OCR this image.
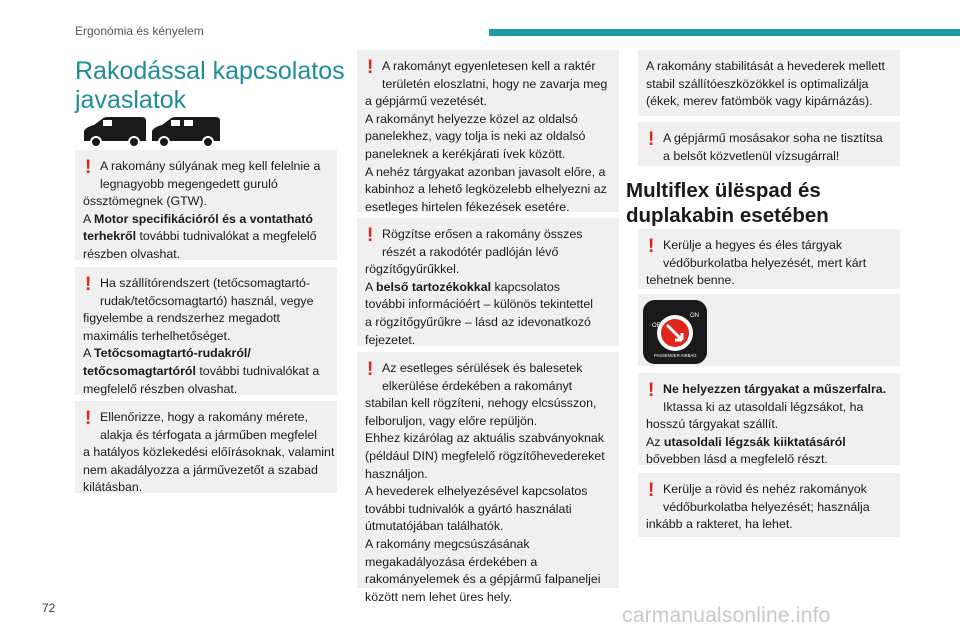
Ergonómia és kényelem
Rakodással kapcsolatos
javaslatok
! A rakomány súlyának meg kell felelnie a
legnagyobb megengedett guruló
össztömegnek (GTW).
A Motor specifikációról és a vontatható
terhekről további tudnivalókat a megfelelő
részben olvashat.
! Ha szállítórendszert (tetőcsomagtartó-
rudak/tetőcsomagtartó) használ, vegye
figyelembe a rendszerhez megadott
maximális terhelhetőséget.
A Tetőcsomagtartó-rudakról/
tetőcsomagtartóról további tudnivalókat a
megfelelő részben olvashat.
! Ellenőrizze, hogy a rakomány mérete,
alakja és térfogata a járműben megfelel
a hatályos közlekedési előírásoknak, valamint
nem akadályozza a járművezetőt a szabad
kilátásban.
! A rakományt egyenletesen kell a raktér
területén eloszlatni, hogy ne zavarja meg
a gépjármű vezetését.
A rakományt helyezze közel az oldalsó
panelekhez, vagy tolja is neki az oldalsó
paneleknek a kerékjárati ívek között.
A nehéz tárgyakat azonban javasolt előre, a
kabinhoz a lehető legközelebb elhelyezni az
esetleges hirtelen fékezések esetére.
! Rögzítse erősen a rakomány összes
részét a rakodótér padlóján lévő
rögzítőgyűrűkkel.
A belső tartozékokkal kapcsolatos
további információért – különös tekintettel
a rögzítőgyűrűkre – lásd az idevonatkozó
fejezetet.
! Az esetleges sérülések és balesetek
elkerülése érdekében a rakományt
stabilan kell rögzíteni, nehogy elcsússzon,
felboruljon, vagy előre repüljön.
Ehhez kizárólag az aktuális szabványoknak
(például DIN) megfelelő rögzítőhevedereket
használjon.
A hevederek elhelyezésével kapcsolatos
további tudnivalók a gyártó használati
útmutatójában találhatók.
A rakomány megcsúszásának
megakadályozása érdekében a
rakományelemek és a gépjármű falpaneljei
között nem lehet üres hely.
A rakomány stabilitását a hevederek mellett
stabil szállítóeszközökkel is optimalizálja
(ékek, merev fatömbök vagy kipárnázás).
! A gépjármű mosásakor soha ne tisztítsa
a belsőt közvetlenül vízsugárral!
Multiflex ülëspad és
duplakabin esetében
! Kerülje a hegyes és éles tárgyak
védőburkolatba helyezését, mert kárt
tehetnek benne.
OFF
ON
PASSENGER AIRBAG
! Ne helyezzen tárgyakat a műszerfalra.
Iktassa ki az utasoldali légzsákot, ha
hosszú tárgyakat szállít.
Az utasoldali légzsák kiiktatásáról
bővebben lásd a megfelelő részt.
! Kerülje a rövid és nehéz rakományok
védőburkolatba helyezését; használja
inkább a rakteret, ha lehet.
72	carmanualsonline.info
